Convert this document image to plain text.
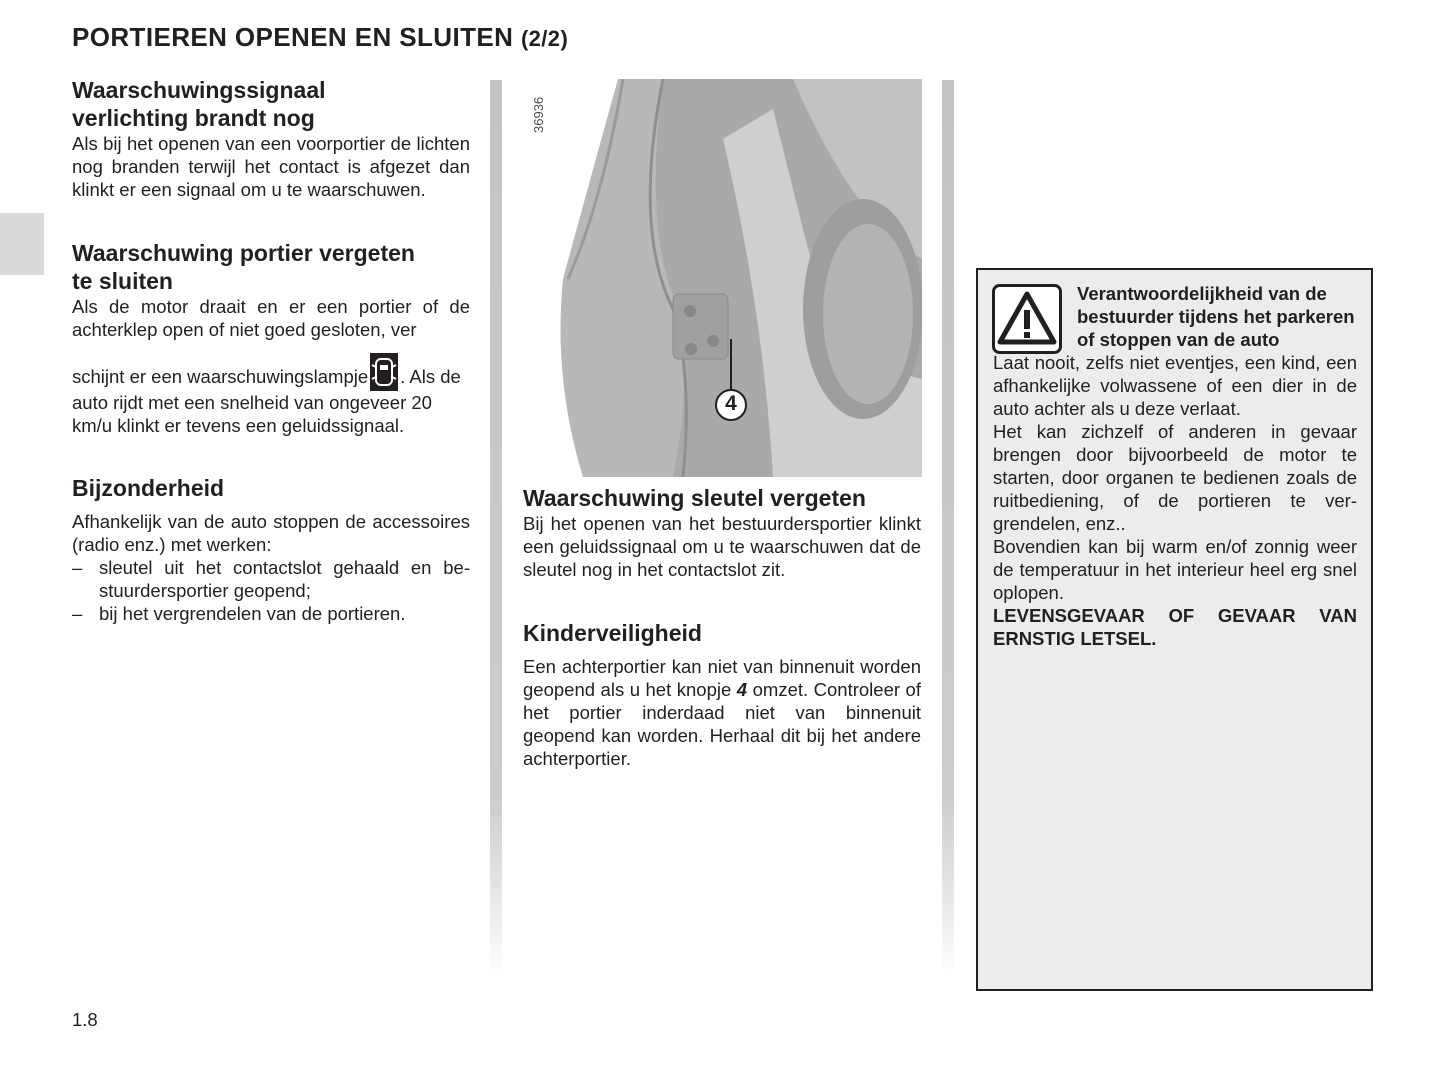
PORTIEREN OPENEN EN SLUITEN (2/2)
Waarschuwingssignaal
verlichting brandt nog

Als bij het openen van een voorportier de lichten nog branden terwijl het contact is afgezet dan klinkt er een signaal om u te waarschuwen.

Waarschuwing portier vergeten
te sluiten

Als de motor draait en er een portier of de achterklep open of niet goed gesloten, ver

schijnt er een waarschuwingslampje . Als de auto rijdt met een snelheid van ongeveer 20 km/u klinkt er tevens een geluidssignaal.

Bijzonderheid

Afhankelijk van de auto stoppen de accessoires (radio enz.) met werken:

– sleutel uit het contactslot gehaald en bestuurdersportier geopend;
– bij het vergrendelen van de portieren.
4
36936
Waarschuwing sleutel vergeten

Bij het openen van het bestuurdersportier klinkt een geluidssignaal om u te waarschuwen dat de sleutel nog in het contactslot zit.

Kinderveiligheid

Een achterportier kan niet van binnenuit worden geopend als u het knopje 4 omzet. Controleer of het portier inderdaad niet van binnenuit geopend kan worden. Herhaal dit bij het andere achterportier.

Verantwoordelijkheid van de bestuurder tijdens het parkeren of stoppen van de auto

Laat nooit, zelfs niet eventjes, een kind, een afhankelijke volwassene of een dier in de auto achter als u deze verlaat.

Het kan zichzelf of anderen in gevaar brengen door bijvoorbeeld de motor te starten, door organen te bedienen zoals de ruitbediening, of de portieren te vergrendelen, enz..

Bovendien kan bij warm en/of zonnig weer de temperatuur in het interieur heel erg snel oplopen.

LEVENSGEVAAR OF GEVAAR VAN ERNSTIG LETSEL.

1.8
